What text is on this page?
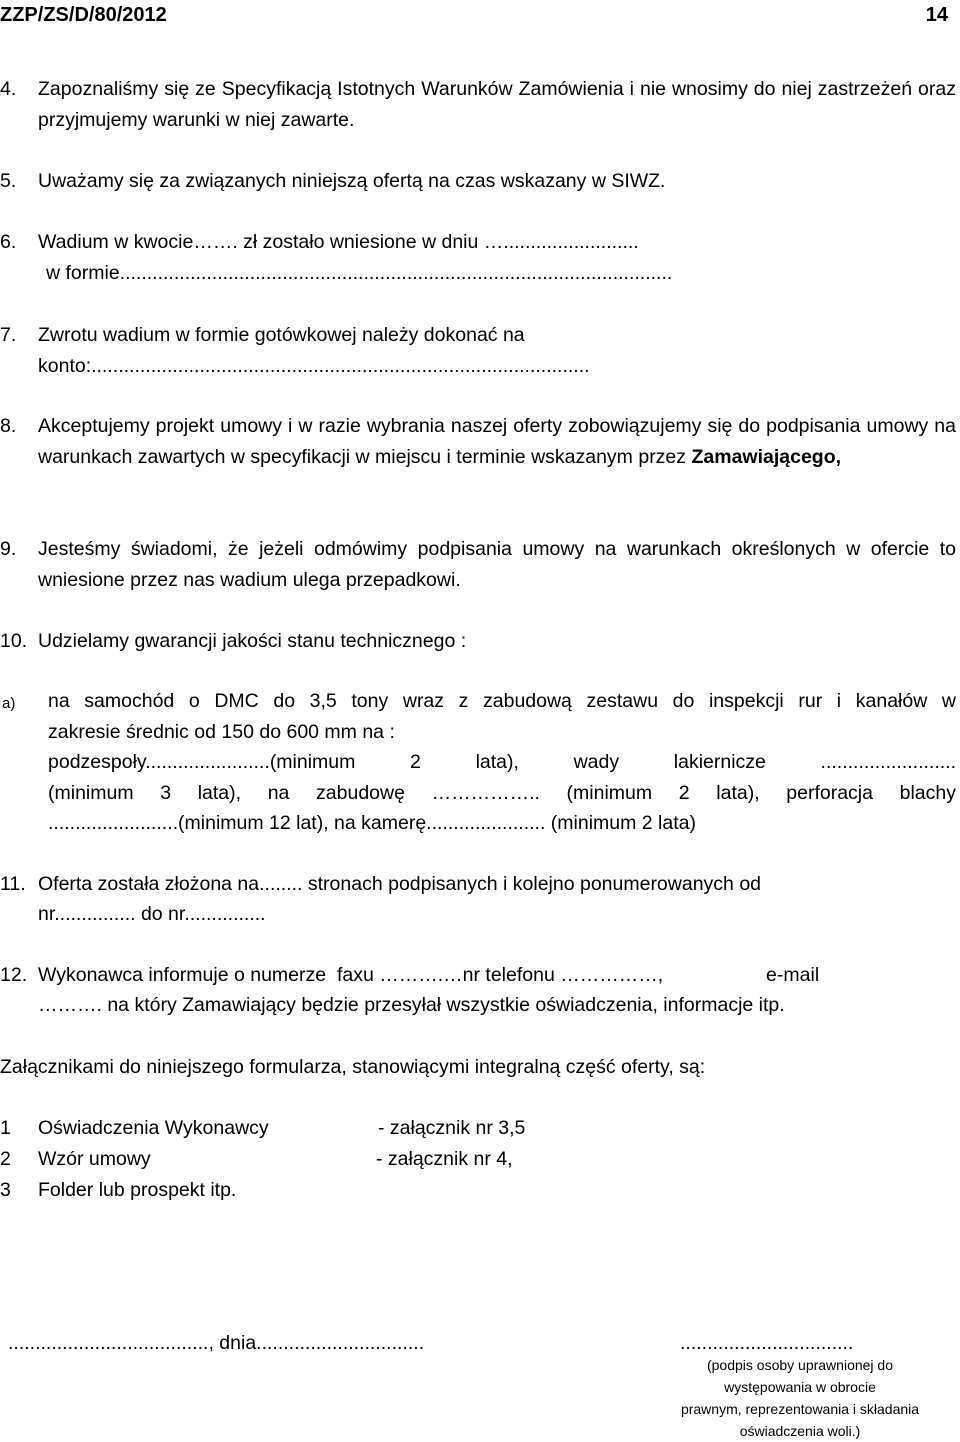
ZZP/ZS/D/80/2012	14
4. Zapoznaliśmy się ze Specyfikacją Istotnych Warunków Zamówienia i nie wnosimy do niej zastrzeżeń oraz przyjmujemy warunki w niej zawarte.
5. Uważamy się za związanych niniejszą ofertą na czas wskazany w SIWZ.
6. Wadium w kwocie……. zł zostało wniesione w dniu ….........................
w formie......................................................................................................
7. Zwrotu wadium w formie gotówkowej należy dokonać na
konto:............................................................................................
8. Akceptujemy projekt umowy i w razie wybrania naszej oferty zobowiązujemy się do podpisania umowy na warunkach zawartych w specyfikacji w miejscu i terminie wskazanym przez Zamawiającego,
9. Jesteśmy świadomi, że jeżeli odmówimy podpisania umowy na warunkach określonych w ofercie to wniesione przez nas wadium ulega przepadkowi.
10. Udzielamy gwarancji jakości stanu technicznego :
a) na samochód o DMC do 3,5 tony wraz z zabudową zestawu do inspekcji rur i kanałów w
zakresie średnic od 150 do 600 mm na :
podzespoły.......................(minimum 2 lata), wady lakiernicze .........................
(minimum 3 lata), na zabudowę …………….. (minimum 2 lata), perforacja blachy
........................(minimum 12 lat), na kamerę...................... (minimum 2 lata)
11. Oferta została złożona na........ stronach podpisanych i kolejno ponumerowanych od
nr............... do nr...............
12. Wykonawca informuje o numerze  faxu ……….…nr telefonu ……………,                   e-mail
………. na który Zamawiający będzie przesyłał wszystkie oświadczenia, informacje itp.
Załącznikami do niniejszego formularza, stanowiącymi integralną część oferty, są:
1 Oświadczenia Wykonawcy	- załącznik nr 3,5
2 Wzór umowy	- załącznik nr 4,
3 Folder lub prospekt itp.
....................................., dnia...............................	................................
(podpis osoby uprawnionej do
występowania w obrocie
prawnym, reprezentowania i składania
oświadczenia woli.)
